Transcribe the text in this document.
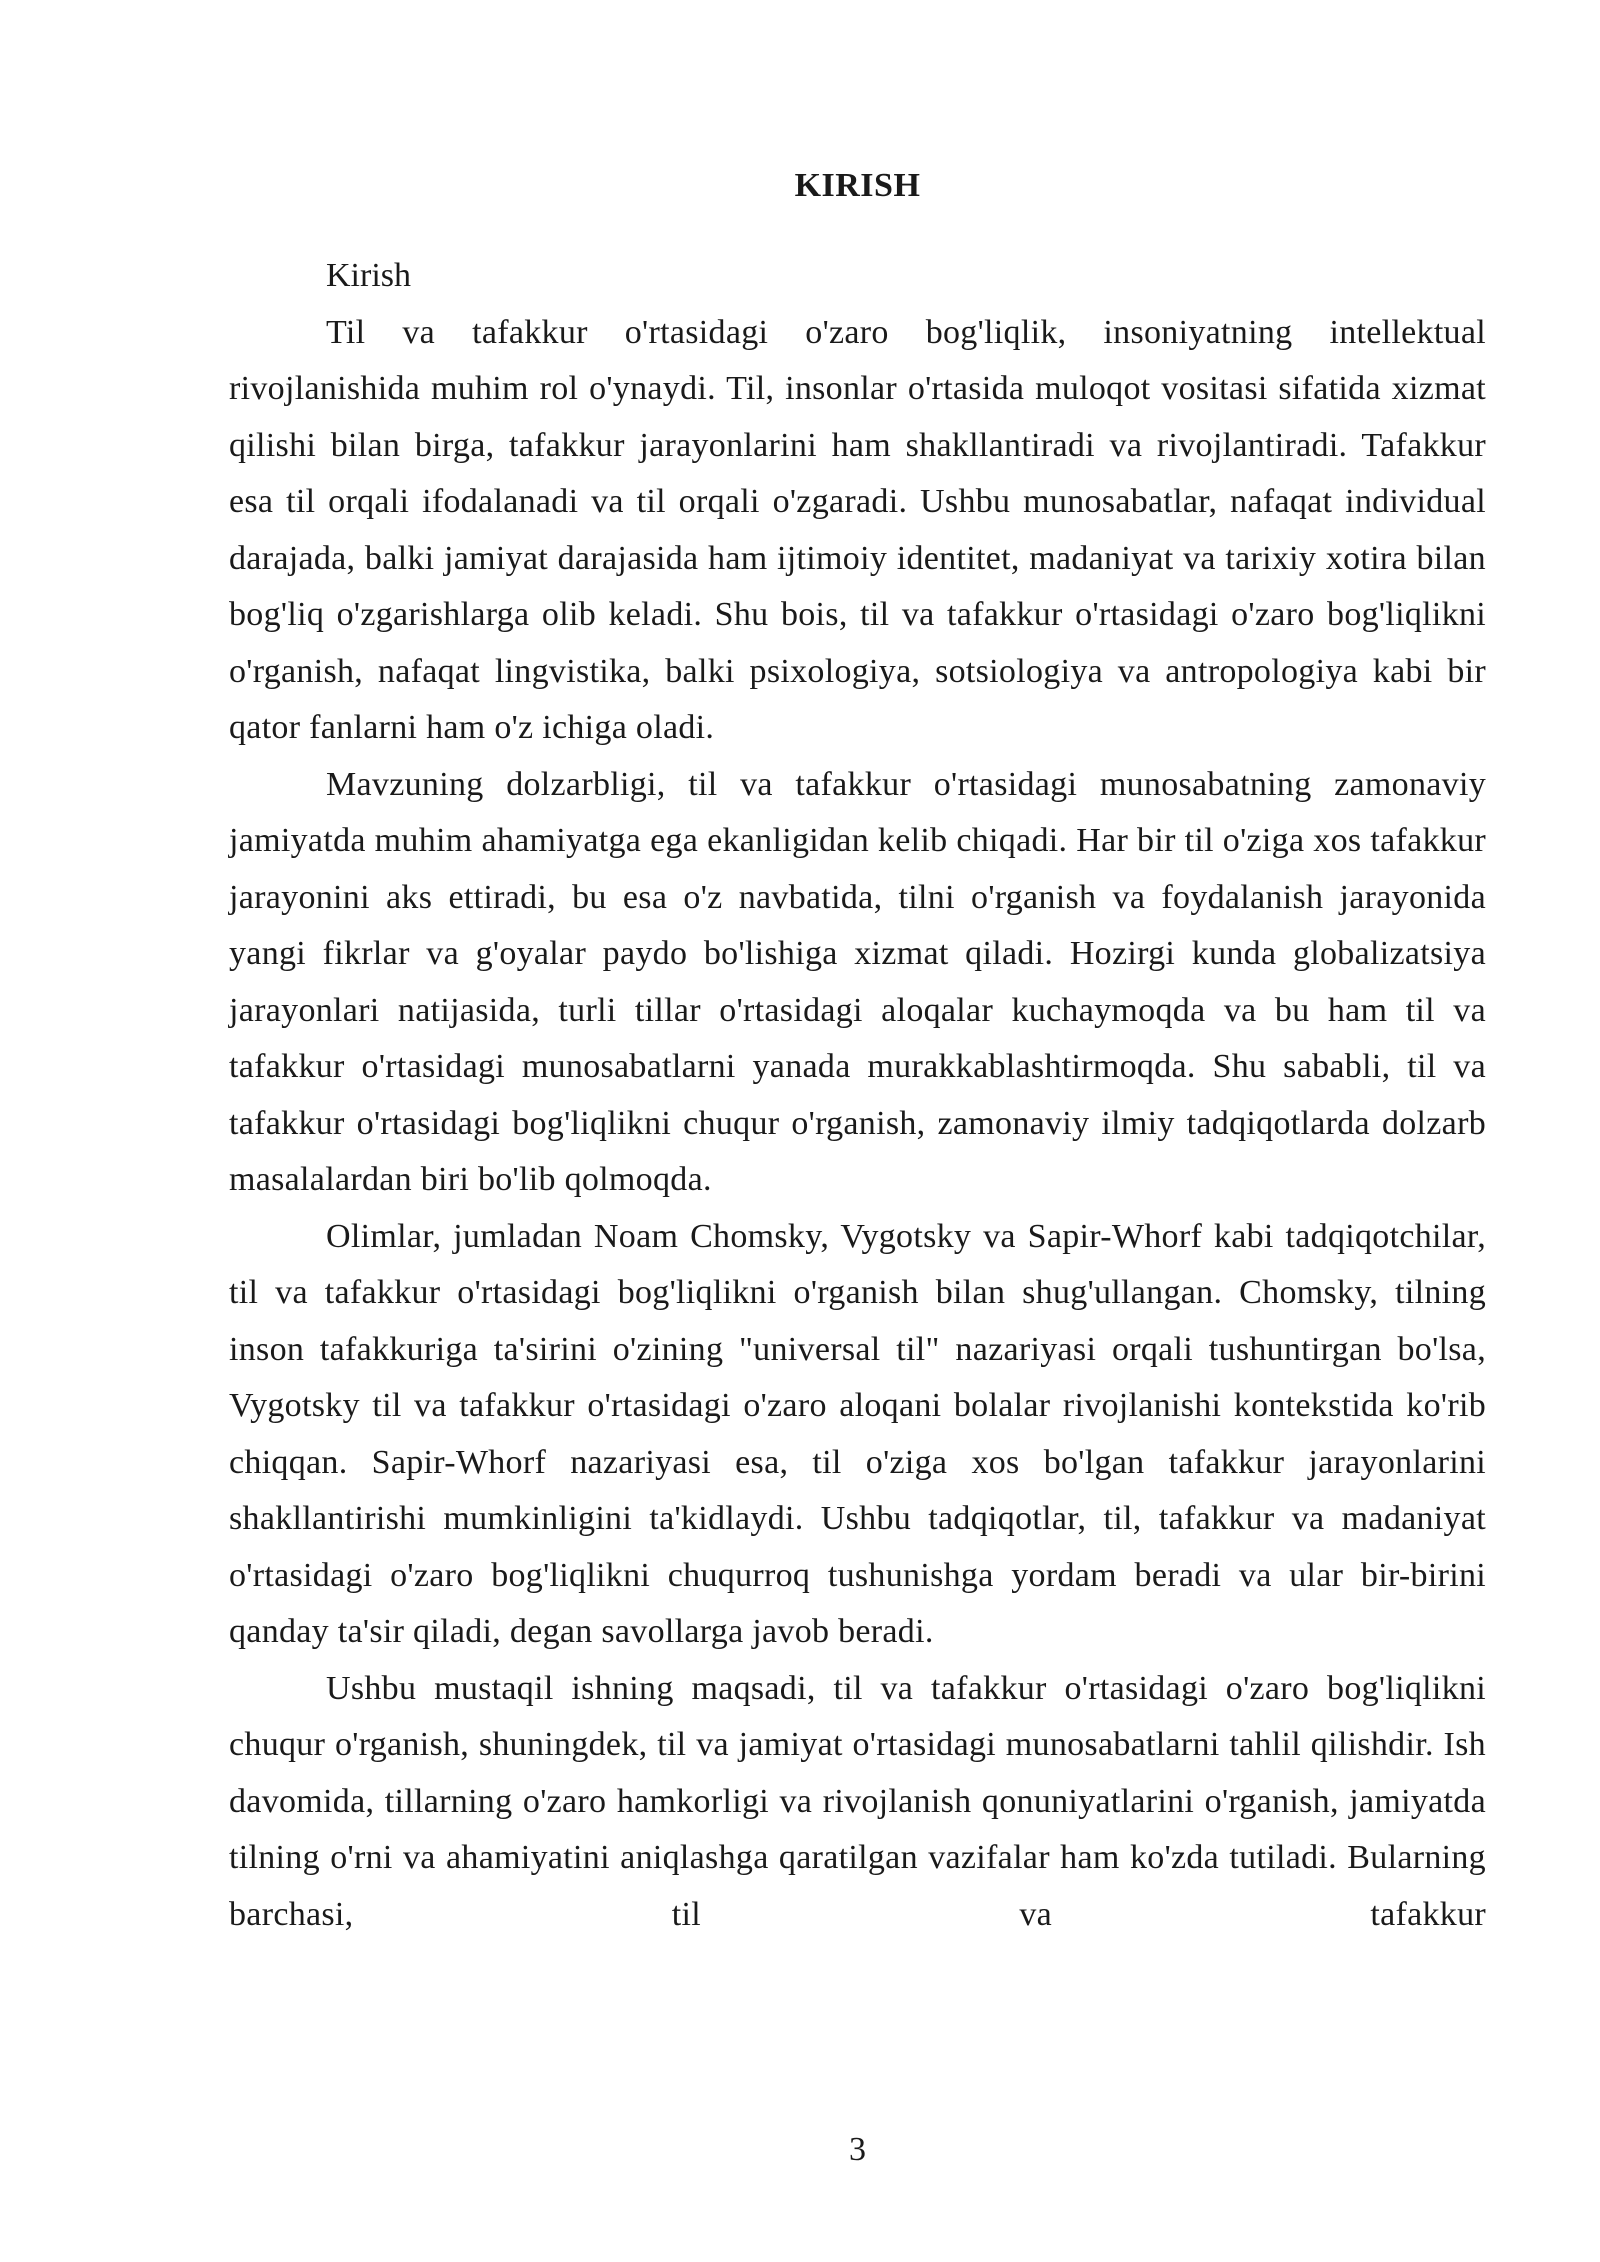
KIRISH

Kirish

Til va tafakkur o'rtasidagi o'zaro bog'liqlik, insoniyatning intellektual rivojlanishida muhim rol o'ynaydi. Til, insonlar o'rtasida muloqot vositasi sifatida xizmat qilishi bilan birga, tafakkur jarayonlarini ham shakllantiradi va rivojlantiradi. Tafakkur esa til orqali ifodalanadi va til orqali o'zgaradi. Ushbu munosabatlar, nafaqat individual darajada, balki jamiyat darajasida ham ijtimoiy identitet, madaniyat va tarixiy xotira bilan bog'liq o'zgarishlarga olib keladi. Shu bois, til va tafakkur o'rtasidagi o'zaro bog'liqlikni o'rganish, nafaqat lingvistika, balki psixologiya, sotsiologiya va antropologiya kabi bir qator fanlarni ham o'z ichiga oladi.

Mavzuning dolzarbligi, til va tafakkur o'rtasidagi munosabatning zamonaviy jamiyatda muhim ahamiyatga ega ekanligidan kelib chiqadi. Har bir til o'ziga xos tafakkur jarayonini aks ettiradi, bu esa o'z navbatida, tilni o'rganish va foydalanish jarayonida yangi fikrlar va g'oyalar paydo bo'lishiga xizmat qiladi. Hozirgi kunda globalizatsiya jarayonlari natijasida, turli tillar o'rtasidagi aloqalar kuchaymoqda va bu ham til va tafakkur o'rtasidagi munosabatlarni yanada murakkablashtirmoqda. Shu sababli, til va tafakkur o'rtasidagi bog'liqlikni chuqur o'rganish, zamonaviy ilmiy tadqiqotlarda dolzarb masalalardan biri bo'lib qolmoqda.

Olimlar, jumladan Noam Chomsky, Vygotsky va Sapir-Whorf kabi tadqiqotchilar, til va tafakkur o'rtasidagi bog'liqlikni o'rganish bilan shug'ullangan. Chomsky, tilning inson tafakkuriga ta'sirini o'zining "universal til" nazariyasi orqali tushuntirgan bo'lsa, Vygotsky til va tafakkur o'rtasidagi o'zaro aloqani bolalar rivojlanishi kontekstida ko'rib chiqqan. Sapir-Whorf nazariyasi esa, til o'ziga xos bo'lgan tafakkur jarayonlarini shakllantirishi mumkinligini ta'kidlaydi. Ushbu tadqiqotlar, til, tafakkur va madaniyat o'rtasidagi o'zaro bog'liqlikni chuqurroq tushunishga yordam beradi va ular bir-birini qanday ta'sir qiladi, degan savollarga javob beradi.

Ushbu mustaqil ishning maqsadi, til va tafakkur o'rtasidagi o'zaro bog'liqlikni chuqur o'rganish, shuningdek, til va jamiyat o'rtasidagi munosabatlarni tahlil qilishdir. Ish davomida, tillarning o'zaro hamkorligi va rivojlanish qonuniyatlarini o'rganish, jamiyatda tilning o'rni va ahamiyatini aniqlashga qaratilgan vazifalar ham ko'zda tutiladi. Bularning barchasi, til va tafakkur

3
